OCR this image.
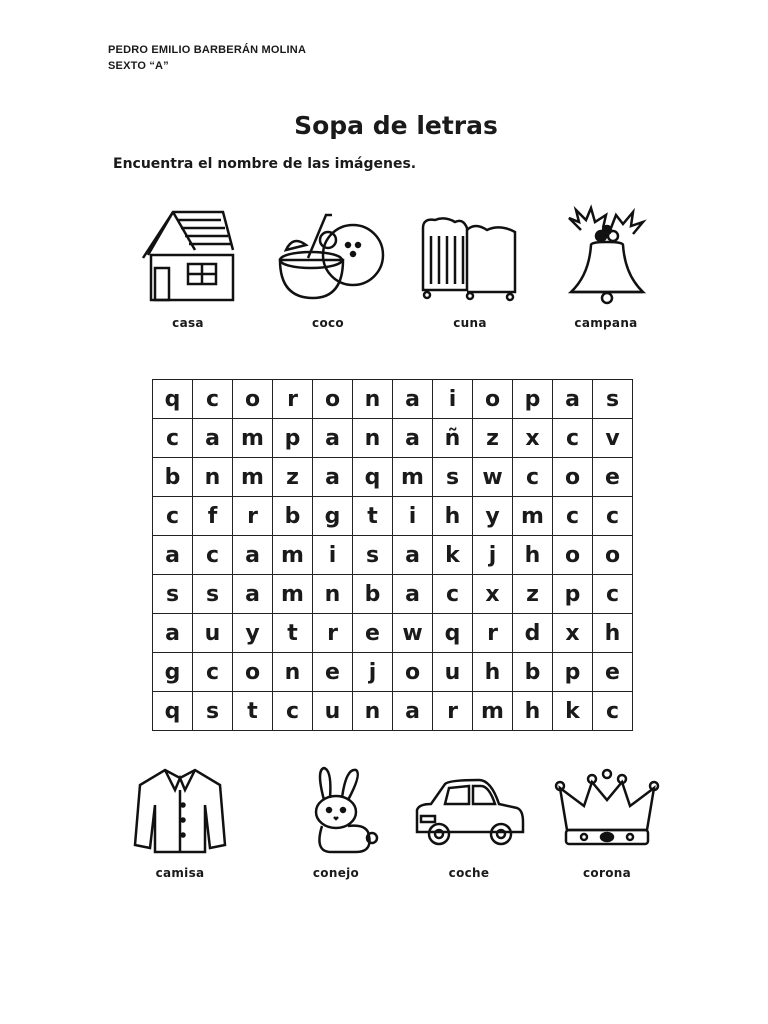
PEDRO EMILIO BARBERÁN MOLINA
SEXTO “A”
Sopa de letras
Encuentra el nombre de las imágenes.
casa	coco	cuna	campana
q	c	o	r	o	n	a	i	o	p	a	s
c	a	m	p	a	n	a	ñ	z	x	c	v
b	n	m	z	a	q	m	s	w	c	o	e
c	f	r	b	g	t	i	h	y	m	c	c
a	c	a	m	i	s	a	k	j	h	o	o
s	s	a	m	n	b	a	c	x	z	p	c
a	u	y	t	r	e	w	q	r	d	x	h
g	c	o	n	e	j	o	u	h	b	p	e
q	s	t	c	u	n	a	r	m	h	k	c
camisa	conejo	coche	corona
